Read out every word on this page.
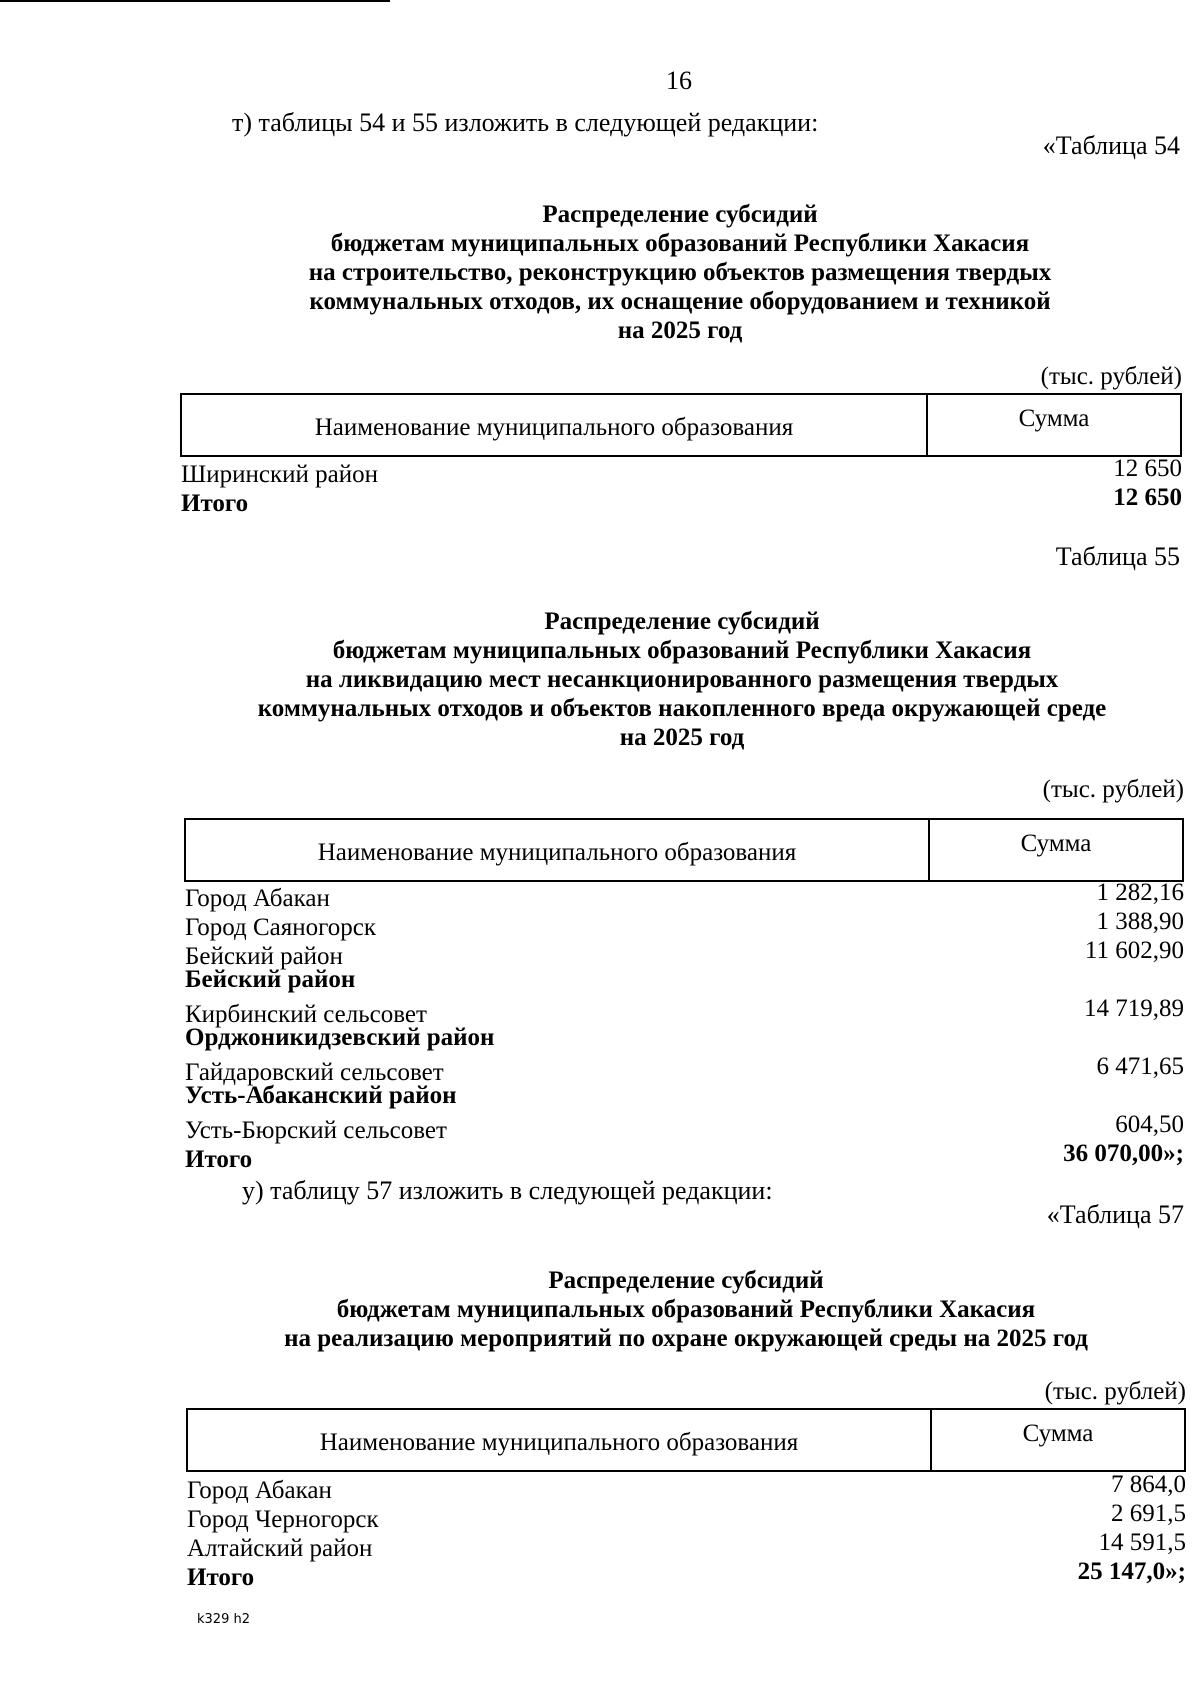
16
т) таблицы 54 и 55 изложить в следующей редакции:
«Таблица 54
Распределение субсидий
бюджетам муниципальных образований Республики Хакасия
на строительство, реконструкцию объектов размещения твердых
коммунальных отходов, их оснащение оборудованием и техникой
на 2025 год
(тыс. рублей)
Наименование муниципального образования	Сумма
Ширинский район	12 650
Итого	12 650
Таблица 55
Распределение субсидий
бюджетам муниципальных образований Республики Хакасия
на ликвидацию мест несанкционированного размещения твердых
коммунальных отходов и объектов накопленного вреда окружающей среде
на 2025 год
(тыс. рублей)
Наименование муниципального образования	Сумма
Город Абакан	1 282,16
Город Саяногорск	1 388,90
Бейский район	11 602,90
Бейский район
Кирбинский сельсовет	14 719,89
Орджоникидзевский район
Гайдаровский сельсовет	6 471,65
Усть-Абаканский район
Усть-Бюрский сельсовет	604,50
Итого	36 070,00»;
у) таблицу 57 изложить в следующей редакции:
«Таблица 57
Распределение субсидий
бюджетам муниципальных образований Республики Хакасия
на реализацию мероприятий по охране окружающей среды на 2025 год
(тыс. рублей)
Наименование муниципального образования	Сумма
Город Абакан	7 864,0
Город Черногорск	2 691,5
Алтайский район	14 591,5
Итого	25 147,0»;
k329 h2
